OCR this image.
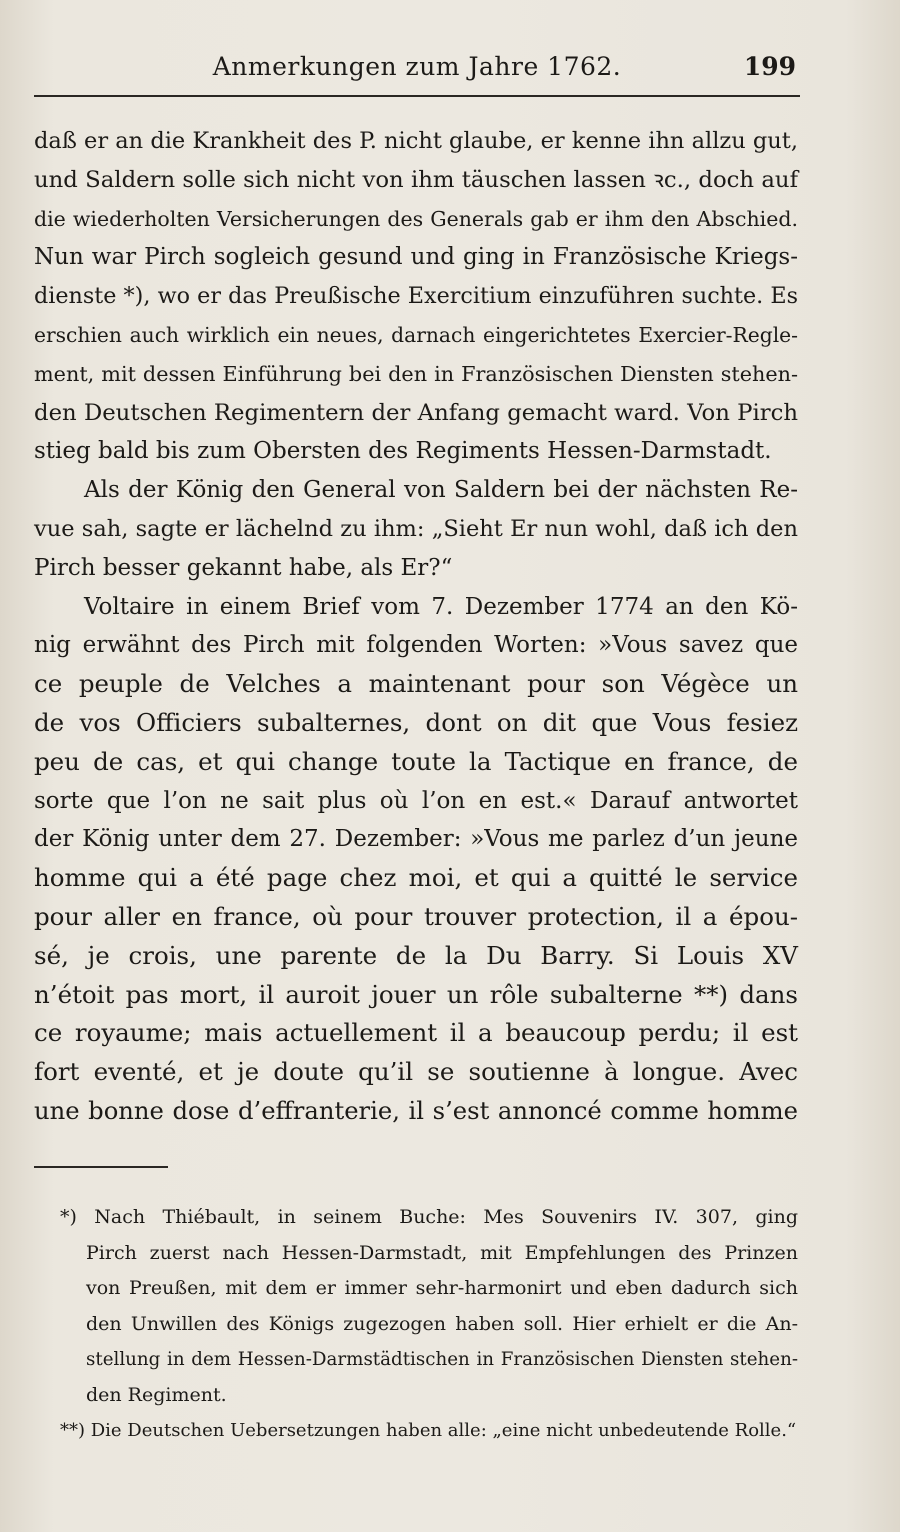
Anmerkungen zum Jahre 1762.	199
daß er an die Krankheit des P. nicht glaube, er kenne ihn allzu gut,
und Saldern solle sich nicht von ihm täuschen lassen ꝛc., doch auf
die wiederholten Versicherungen des Generals gab er ihm den Abschied.
Nun war Pirch sogleich gesund und ging in Französische Kriegs-
dienste *), wo er das Preußische Exercitium einzuführen suchte. Es
erschien auch wirklich ein neues, darnach eingerichtetes Exercier-Regle-
ment, mit dessen Einführung bei den in Französischen Diensten stehen-
den Deutschen Regimentern der Anfang gemacht ward. Von Pirch
stieg bald bis zum Obersten des Regiments Hessen-Darmstadt.
Als der König den General von Saldern bei der nächsten Re-
vue sah, sagte er lächelnd zu ihm: „Sieht Er nun wohl, daß ich den
Pirch besser gekannt habe, als Er?“
Voltaire in einem Brief vom 7. Dezember 1774 an den Kö-
nig erwähnt des Pirch mit folgenden Worten: »Vous savez que
ce peuple de Velches a maintenant pour son Végèce un
de vos Officiers subalternes, dont on dit que Vous fesiez
peu de cas, et qui change toute la Tactique en france, de
sorte que l’on ne sait plus où l’on en est.« Darauf antwortet
der König unter dem 27. Dezember: »Vous me parlez d’un jeune
homme qui a été page chez moi, et qui a quitté le service
pour aller en france, où pour trouver protection, il a épou-
sé, je crois, une parente de la Du Barry. Si Louis XV
n’étoit pas mort, il auroit jouer un rôle subalterne **) dans
ce royaume; mais actuellement il a beaucoup perdu; il est
fort eventé, et je doute qu’il se soutienne à longue. Avec
une bonne dose d’effranterie, il s’est annoncé comme homme
*) Nach Thiébault, in seinem Buche: Mes Souvenirs IV. 307, ging
Pirch zuerst nach Hessen-Darmstadt, mit Empfehlungen des Prinzen
von Preußen, mit dem er immer sehr-harmonirt und eben dadurch sich
den Unwillen des Königs zugezogen haben soll. Hier erhielt er die An-
stellung in dem Hessen-Darmstädtischen in Französischen Diensten stehen-
den Regiment.
**) Die Deutschen Uebersetzungen haben alle: „eine nicht unbedeutende Rolle.“
